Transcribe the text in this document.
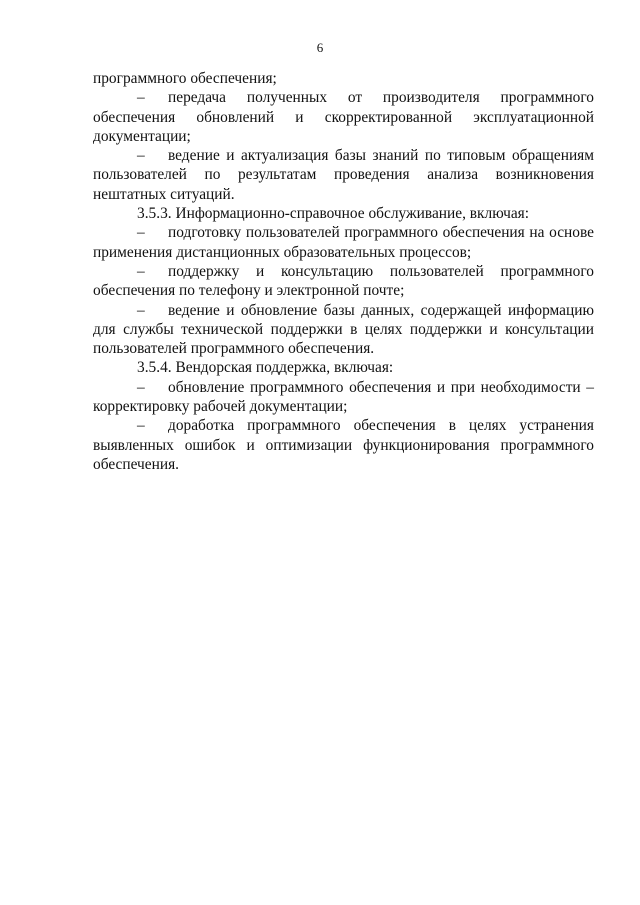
6

программного обеспечения;

– передача полученных от производителя программного обеспечения обновлений и скорректированной эксплуатационной документации;

– ведение и актуализация базы знаний по типовым обращениям пользователей по результатам проведения анализа возникновения нештатных ситуаций.

3.5.3. Информационно-справочное обслуживание, включая:

– подготовку пользователей программного обеспечения на основе применения дистанционных образовательных процессов;

– поддержку и консультацию пользователей программного обеспечения по телефону и электронной почте;

– ведение и обновление базы данных, содержащей информацию для службы технической поддержки в целях поддержки и консультации пользователей программного обеспечения.

3.5.4. Вендорская поддержка, включая:

– обновление программного обеспечения и при необходимости – корректировку рабочей документации;

– доработка программного обеспечения в целях устранения выявленных ошибок и оптимизации функционирования программного обеспечения.
